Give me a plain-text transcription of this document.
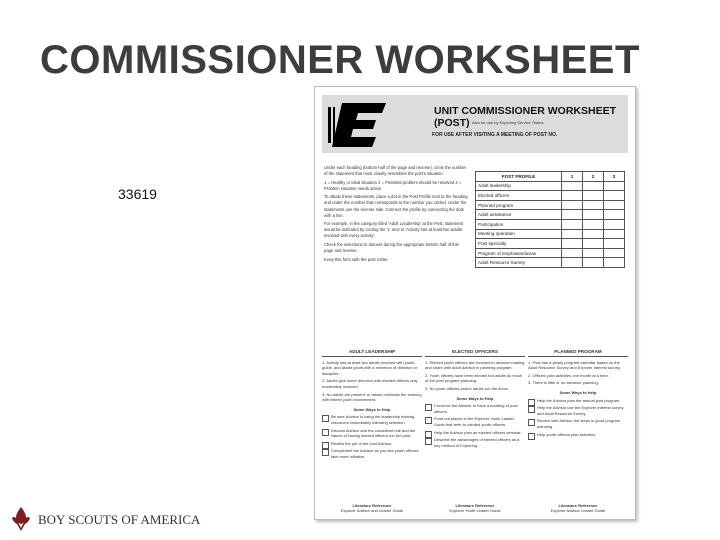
COMMISSIONER WORKSHEET
33619
UNIT COMMISSIONER WORKSHEET (POST) Also for use by Exploring Service Teams
FOR USE AFTER VISITING A MEETING OF POST NO.

Under each heading (bottom half of the page and reverse), circle the number of the statement that most closely resembles the post's situation.

1 = Healthy or ideal situation 2 = Potential problem should be resolved 3 = Problem situation needs action

To obtain these statements, place a dot in the Post Profile next to the heading and under the number that corresponds to the number you circled. Under the statements use the reverse side. Connect the profile by connecting the dots with a line.

For example, in the category titled 'Adult Leadership' at the Post, statement would be indicated by circling the '1' next to 'Activity has at least two adults involved with every activity'.

Check the selections to discuss during the appropriate bottom half of this page and reverse.

Keep this form with the post roster.

POST PROFILE	1	2	3
Adult leadership			
Elected officers			
Planned program			
Adult assistance			
Participation			
Meeting operation			
Post specialty			
Program of emphases/areas			
Adult Resource Survey			
ADULT LEADERSHIP
1. Activity has at least two adults involved with youth, guide, and assist youth with a minimum of direction or discipline.
2. Adults give some direction with elected officers only moderately involved.
3. No adults are present, or adults dominate the evening with limited youth involvement.
Some Ways to Help
Be sure Advisor is using the leadership training resources immediately following selection.
Discuss Advisor and the consultant role and the values of having elected officers run the post.
Review the job of the post Advisor.
Compliment the Advisor as you see youth officers take more initiative.
Literature Reference
Explorer Advisor and Leader Guide
ELECTED OFFICERS
1. Elected youth officers are involved in decision making and share with adult Advisor in planning program.
2. Youth officers have been elected but adults do much of the post program planning.
3. No youth officers and/or adults run the show.
Some Ways to Help
Convince the Advisor to have a meeting of post officers.
Point out places in the Explorer Youth Leader Guide that refer to elected youth officers.
Help the Advisor plan an elected officers seminar.
Describe the advantages of elected officers as a key method of Exploring.
Literature Reference
Explorer Youth Leader Guide
PLANNED PROGRAM
1. Post has a yearly program calendar based on the Adult Resource Survey and Explorer interest survey.
2. Officers plan activities one month at a time.
3. There is little or no advance planning.
Some Ways to Help
Help the Advisor plan the annual post program.
Help the Advisor use the Explorer interest survey and Adult Resource Survey.
Review with Advisor the steps in good program planning.
Help youth officers plan activities.
Literature Reference
Explorer Advisor Leader Guide
BOY SCOUTS OF AMERICA
